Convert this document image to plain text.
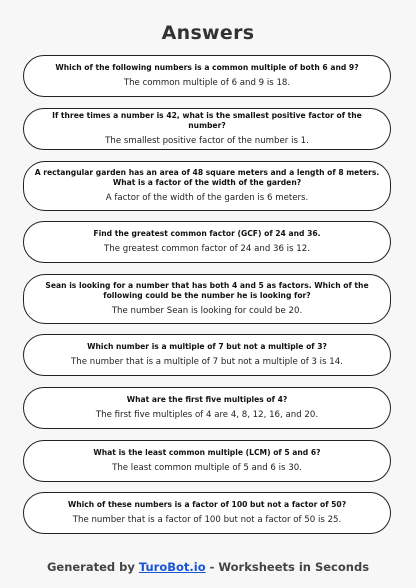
Answers
Which of the following numbers is a common multiple of both 6 and 9?
The common multiple of 6 and 9 is 18.
If three times a number is 42, what is the smallest positive factor of the number?
The smallest positive factor of the number is 1.
A rectangular garden has an area of 48 square meters and a length of 8 meters. What is a factor of the width of the garden?
A factor of the width of the garden is 6 meters.
Find the greatest common factor (GCF) of 24 and 36.
The greatest common factor of 24 and 36 is 12.
Sean is looking for a number that has both 4 and 5 as factors. Which of the following could be the number he is looking for?
The number Sean is looking for could be 20.
Which number is a multiple of 7 but not a multiple of 3?
The number that is a multiple of 7 but not a multiple of 3 is 14.
What are the first five multiples of 4?
The first five multiples of 4 are 4, 8, 12, 16, and 20.
What is the least common multiple (LCM) of 5 and 6?
The least common multiple of 5 and 6 is 30.
Which of these numbers is a factor of 100 but not a factor of 50?
The number that is a factor of 100 but not a factor of 50 is 25.
Generated by TuroBot.io - Worksheets in Seconds
